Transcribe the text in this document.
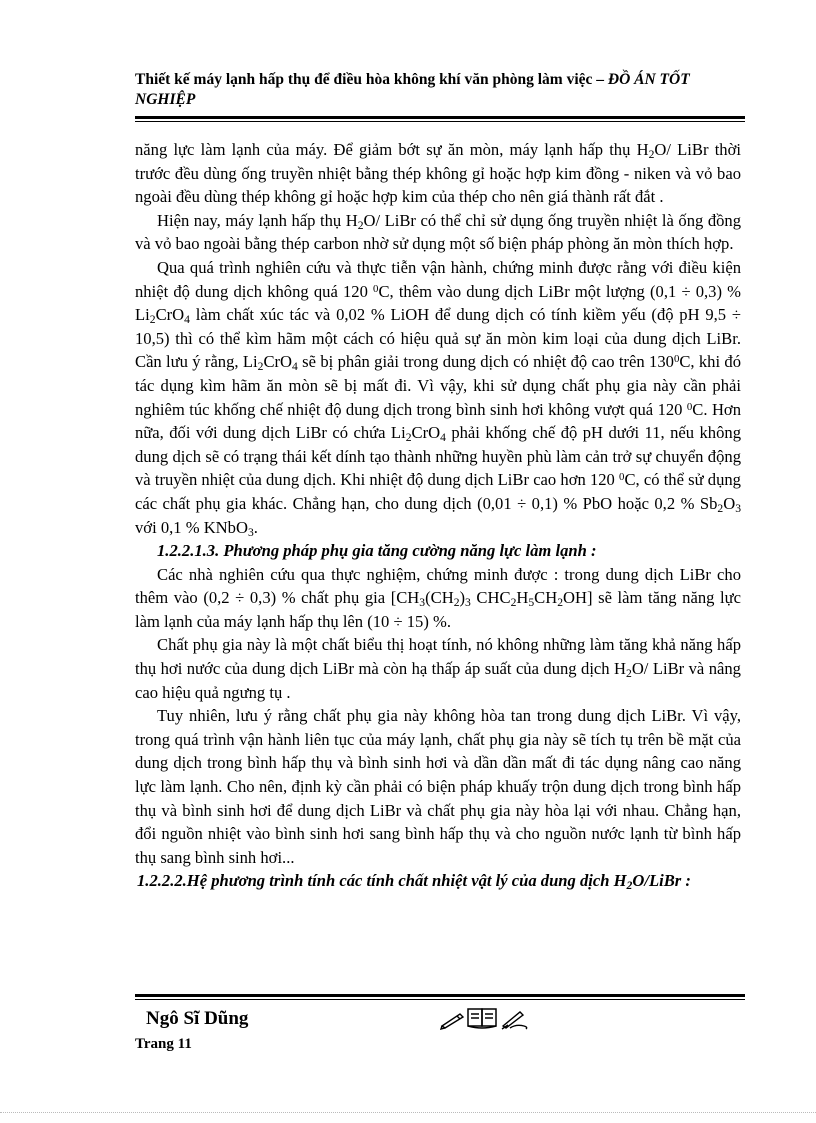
Thiết kế máy lạnh hấp thụ để điều hòa không khí văn phòng làm việc – ĐỒ ÁN TỐT NGHIỆP

năng lực làm lạnh của máy. Để giảm bớt sự ăn mòn, máy lạnh hấp thụ $H_2O/$ LiBr thời trước đều dùng ống truyền nhiệt bằng thép không gỉ hoặc hợp kim đồng - niken và vỏ bao ngoài đều dùng thép không gỉ hoặc hợp kim của thép cho nên giá thành rất đắt .

Hiện nay, máy lạnh hấp thụ $H_2O/$ LiBr có thể chỉ sử dụng ống truyền nhiệt là ống đồng và vỏ bao ngoài bằng thép carbon nhờ sử dụng một số biện pháp phòng ăn mòn thích hợp.

Qua quá trình nghiên cứu và thực tiễn vận hành, chứng minh được rằng với điều kiện nhiệt độ dung dịch không quá 120 $^0$C, thêm vào dung dịch LiBr một lượng (0,1 ÷ 0,3) % $Li_2CrO_4$ làm chất xúc tác và 0,02 % LiOH để dung dịch có tính kiềm yếu (độ pH 9,5 ÷ 10,5) thì có thể kìm hãm một cách có hiệu quả sự ăn mòn kim loại của dung dịch LiBr. Cần lưu ý rằng, $Li_2CrO_4$ sẽ bị phân giải trong dung dịch có nhiệt độ cao trên $130^0C$, khi đó tác dụng kìm hãm ăn mòn sẽ bị mất đi. Vì vậy, khi sử dụng chất phụ gia này cần phải nghiêm túc khống chế nhiệt độ dung dịch trong bình sinh hơi không vượt quá 120 $^0$C. Hơn nữa, đối với dung dịch LiBr có chứa $Li_2CrO_4$ phải khống chế độ pH dưới 11, nếu không dung dịch sẽ có trạng thái kết dính tạo thành những huyền phù làm cản trở sự chuyển động và truyền nhiệt của dung dịch. Khi nhiệt độ dung dịch LiBr cao hơn 120 $^0$C, có thể sử dụng các chất phụ gia khác. Chẳng hạn, cho dung dịch (0,01 ÷ 0,1) % PbO hoặc 0,2 % $Sb_2O_3$ với 0,1 % KNbO$_3$.

1.2.2.1.3. Phương pháp phụ gia tăng cường năng lực làm lạnh :

Các nhà nghiên cứu qua thực nghiệm, chứng minh được : trong dung dịch LiBr cho thêm vào (0,2 ÷ 0,3) % chất phụ gia [$CH_3(CH_2)_3$ $CHC_2H_5CH_2OH$] sẽ làm tăng năng lực làm lạnh của máy lạnh hấp thụ lên (10 ÷ 15) %.

Chất phụ gia này là một chất biểu thị hoạt tính, nó không những làm tăng khả năng hấp thụ hơi nước của dung dịch LiBr mà còn hạ thấp áp suất của dung dịch $H_2O/$ LiBr và nâng cao hiệu quả ngưng tụ .

Tuy nhiên, lưu ý rằng chất phụ gia này không hòa tan trong dung dịch LiBr. Vì vậy, trong quá trình vận hành liên tục của máy lạnh, chất phụ gia này sẽ tích tụ trên bề mặt của dung dịch trong bình hấp thụ và bình sinh hơi và dần dần mất đi tác dụng nâng cao năng lực làm lạnh. Cho nên, định kỳ cần phải có biện pháp khuấy trộn dung dịch trong bình hấp thụ và bình sinh hơi để dung dịch LiBr và chất phụ gia này hòa lại với nhau. Chẳng hạn, đổi nguồn nhiệt vào bình sinh hơi sang bình hấp thụ và cho nguồn nước lạnh từ bình hấp thụ sang bình sinh hơi...

1.2.2.2.Hệ phương trình tính các tính chất nhiệt vật lý của dung dịch $H_2O$/LiBr :

Ngô Sĩ Dũng
Trang 11
